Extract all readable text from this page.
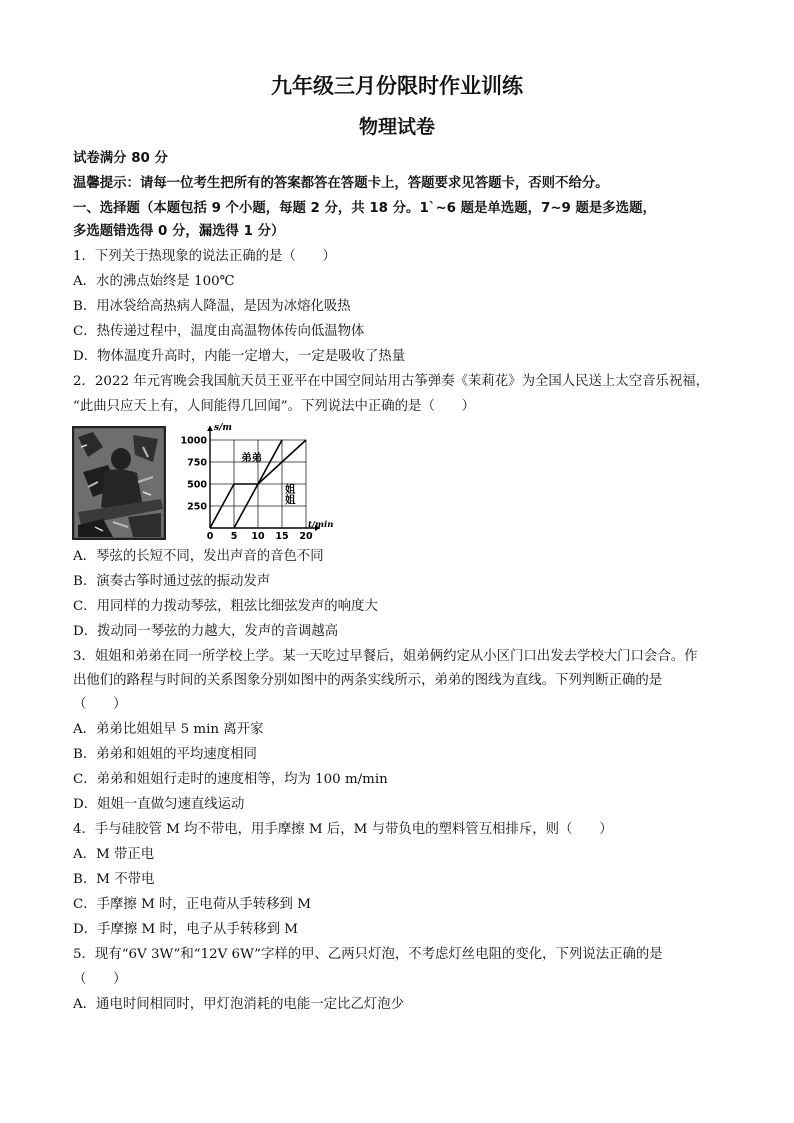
九年级三月份限时作业训练
物理试卷
试卷满分 80 分
温馨提示：请每一位考生把所有的答案都答在答题卡上，答题要求见答题卡，否则不给分。
一、选择题（本题包括 9 个小题，每题 2 分，共 18 分。1`~6 题是单选题，7~9 题是多选题，
多选题错选得 0 分，漏选得 1 分）
1．下列关于热现象的说法正确的是（　　）
A．水的沸点始终是 100℃
B．用冰袋给高热病人降温，是因为冰熔化吸热
C．热传递过程中，温度由高温物体传向低温物体
D．物体温度升高时，内能一定增大，一定是吸收了热量
2．2022 年元宵晚会我国航天员王亚平在中国空间站用古筝弹奏《茉莉花》为全国人民送上太空音乐祝福，
“此曲只应天上有，人间能得几回闻”。下列说法中正确的是（　　）
0 5 10 15 20
250
500
750
1000
s/m
t/min
弟弟
姐姐
A．琴弦的长短不同，发出声音的音色不同
B．演奏古筝时通过弦的振动发声
C．用同样的力拨动琴弦，粗弦比细弦发声的响度大
D．拨动同一琴弦的力越大，发声的音调越高
3．姐姐和弟弟在同一所学校上学。某一天吃过早餐后，姐弟俩约定从小区门口出发去学校大门口会合。作
出他们的路程与时间的关系图象分别如图中的两条实线所示，弟弟的图线为直线。下列判断正确的是
（　　）
A．弟弟比姐姐早 5 min 离开家
B．弟弟和姐姐的平均速度相同
C．弟弟和姐姐行走时的速度相等，均为 100 m/min
D．姐姐一直做匀速直线运动
4．手与硅胶管 M 均不带电，用手摩擦 M 后，M 与带负电的塑料管互相排斥，则（　　）
A．M 带正电
B．M 不带电
C．手摩擦 M 时，正电荷从手转移到 M
D．手摩擦 M 时，电子从手转移到 M
5．现有“6V 3W”和“12V 6W”字样的甲、乙两只灯泡，不考虑灯丝电阻的变化，下列说法正确的是
（　　）
A．通电时间相同时，甲灯泡消耗的电能一定比乙灯泡少
